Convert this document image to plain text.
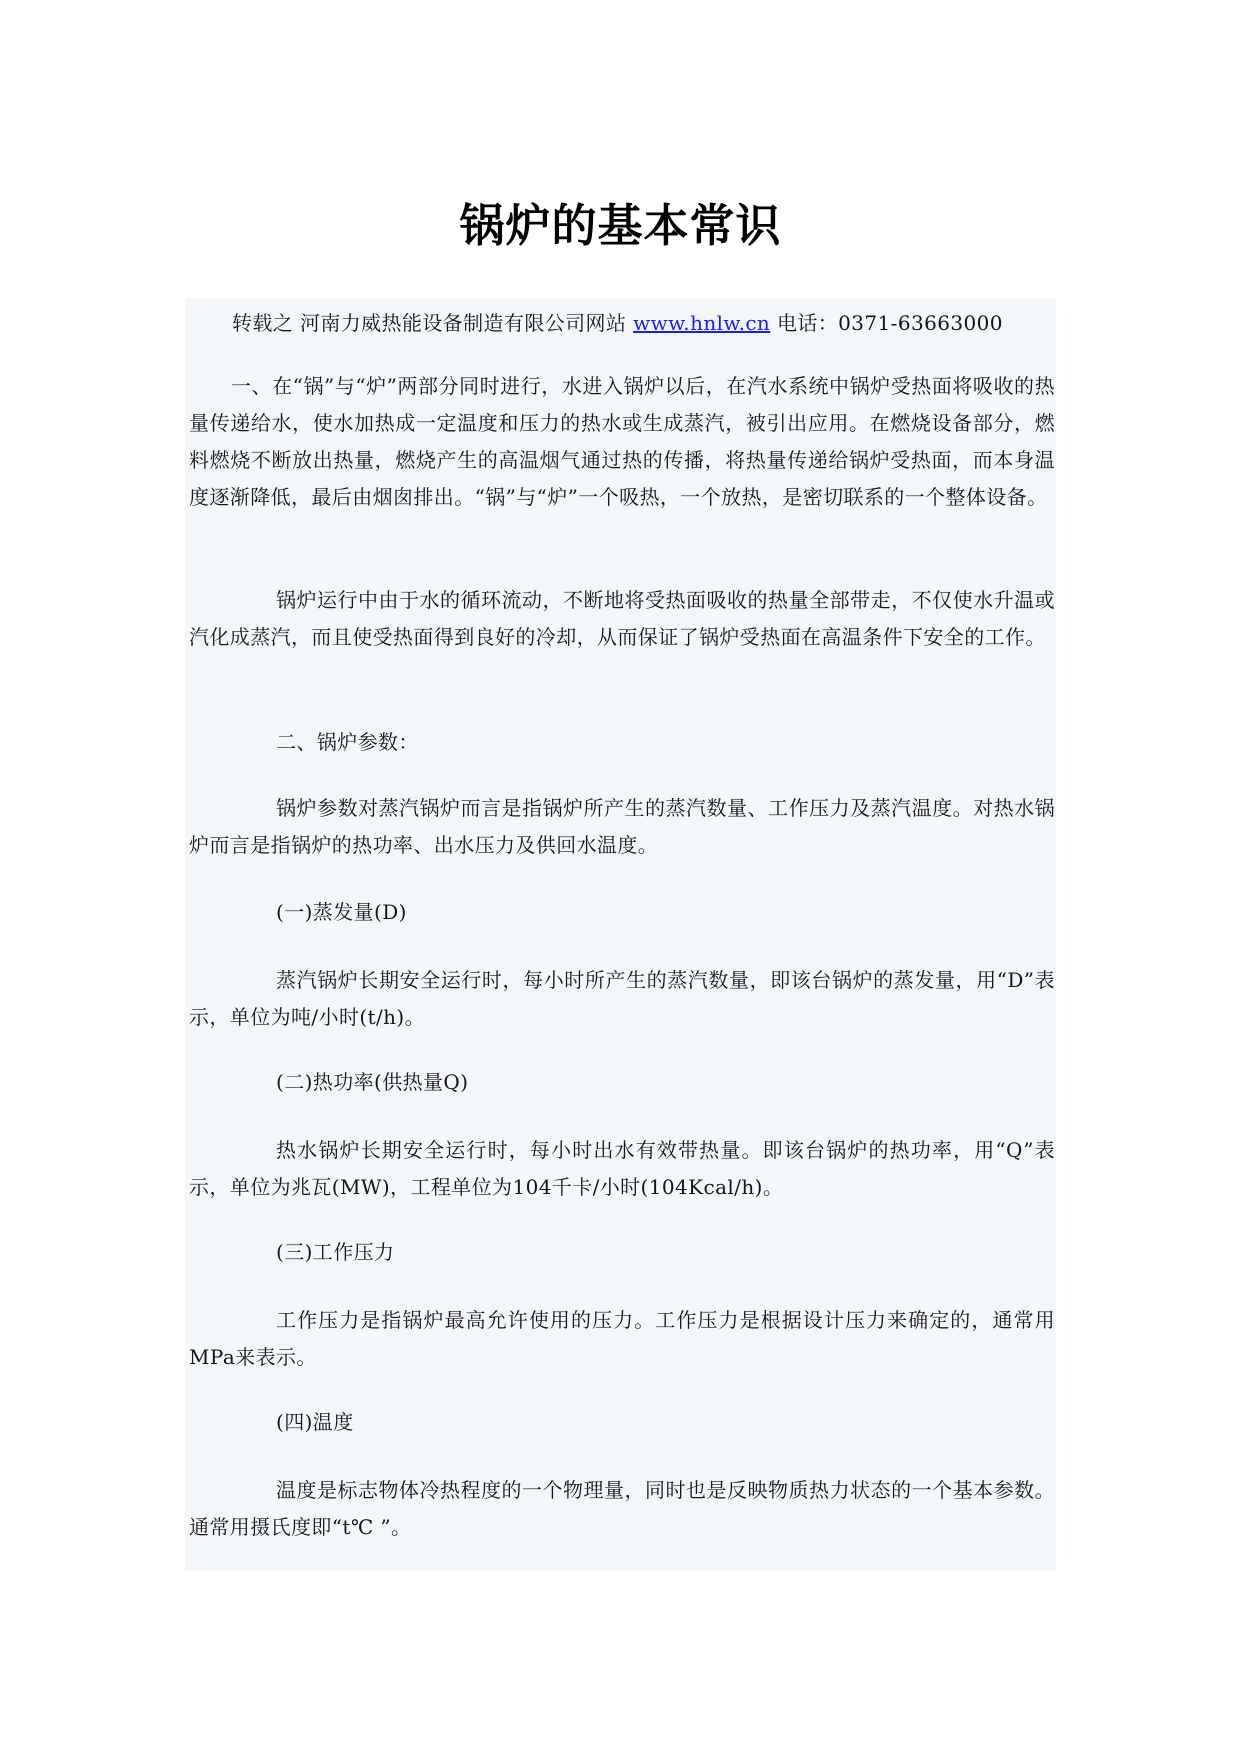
锅炉的基本常识
转载之 河南力威热能设备制造有限公司网站 www.hnlw.cn 电话：0371-63663000

一、在“锅”与“炉”两部分同时进行，水进入锅炉以后，在汽水系统中锅炉受热面将吸收的热量传递给水，使水加热成一定温度和压力的热水或生成蒸汽，被引出应用。在燃烧设备部分，燃料燃烧不断放出热量，燃烧产生的高温烟气通过热的传播，将热量传递给锅炉受热面，而本身温度逐渐降低，最后由烟囱排出。“锅”与“炉”一个吸热，一个放热，是密切联系的一个整体设备。

锅炉运行中由于水的循环流动，不断地将受热面吸收的热量全部带走，不仅使水升温或汽化成蒸汽，而且使受热面得到良好的冷却，从而保证了锅炉受热面在高温条件下安全的工作。

二、锅炉参数：

锅炉参数对蒸汽锅炉而言是指锅炉所产生的蒸汽数量、工作压力及蒸汽温度。对热水锅炉而言是指锅炉的热功率、出水压力及供回水温度。

(一)蒸发量(D)

蒸汽锅炉长期安全运行时，每小时所产生的蒸汽数量，即该台锅炉的蒸发量，用“D”表示，单位为吨/小时(t/h)。

(二)热功率(供热量Q)

热水锅炉长期安全运行时，每小时出水有效带热量。即该台锅炉的热功率，用“Q”表示，单位为兆瓦(MW)，工程单位为104千卡/小时(104Kcal/h)。

(三)工作压力

工作压力是指锅炉最高允许使用的压力。工作压力是根据设计压力来确定的，通常用MPa来表示。

(四)温度

温度是标志物体冷热程度的一个物理量，同时也是反映物质热力状态的一个基本参数。通常用摄氏度即“t℃ ”。
